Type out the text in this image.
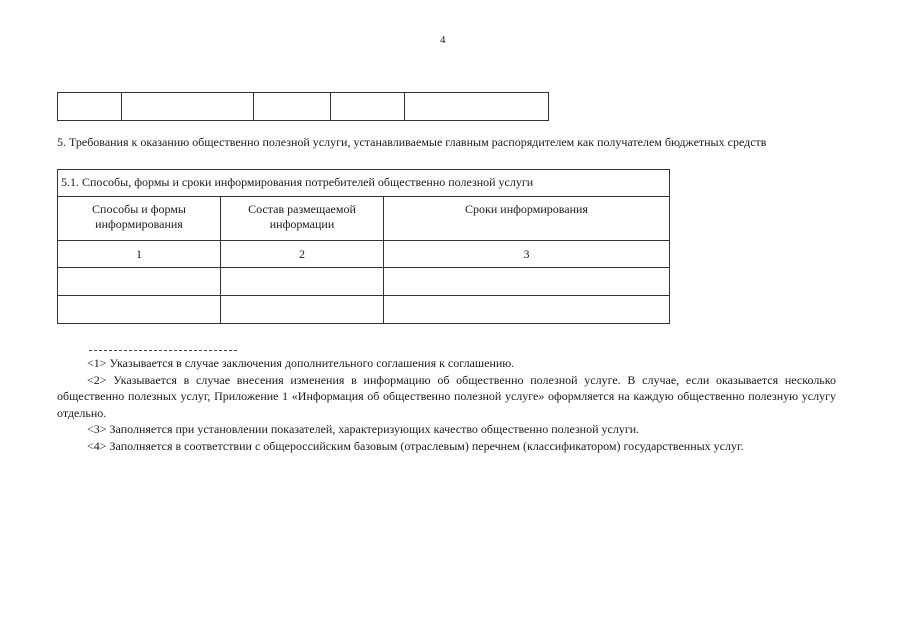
4

5. Требования к оказанию общественно полезной услуги, устанавливаемые главным распорядителем как получателем бюджетных средств
5.1. Способы, формы и сроки информирования потребителей общественно полезной услуги		
Способы и формы информирования	Состав размещаемой информации	Сроки информирования
1	2	3

<1> Указывается в случае заключения дополнительного соглашения к соглашению.

<2> Указывается в случае внесения изменения в информацию об общественно полезной услуге. В случае, если оказывается несколько общественно полезных услуг, Приложение 1 «Информация об общественно полезной услуге» оформляется на каждую общественно полезную услугу отдельно.

<3> Заполняется при установлении показателей, характеризующих качество общественно полезной услуги.

<4> Заполняется в соответствии с общероссийским базовым (отраслевым) перечнем (классификатором) государственных услуг.
